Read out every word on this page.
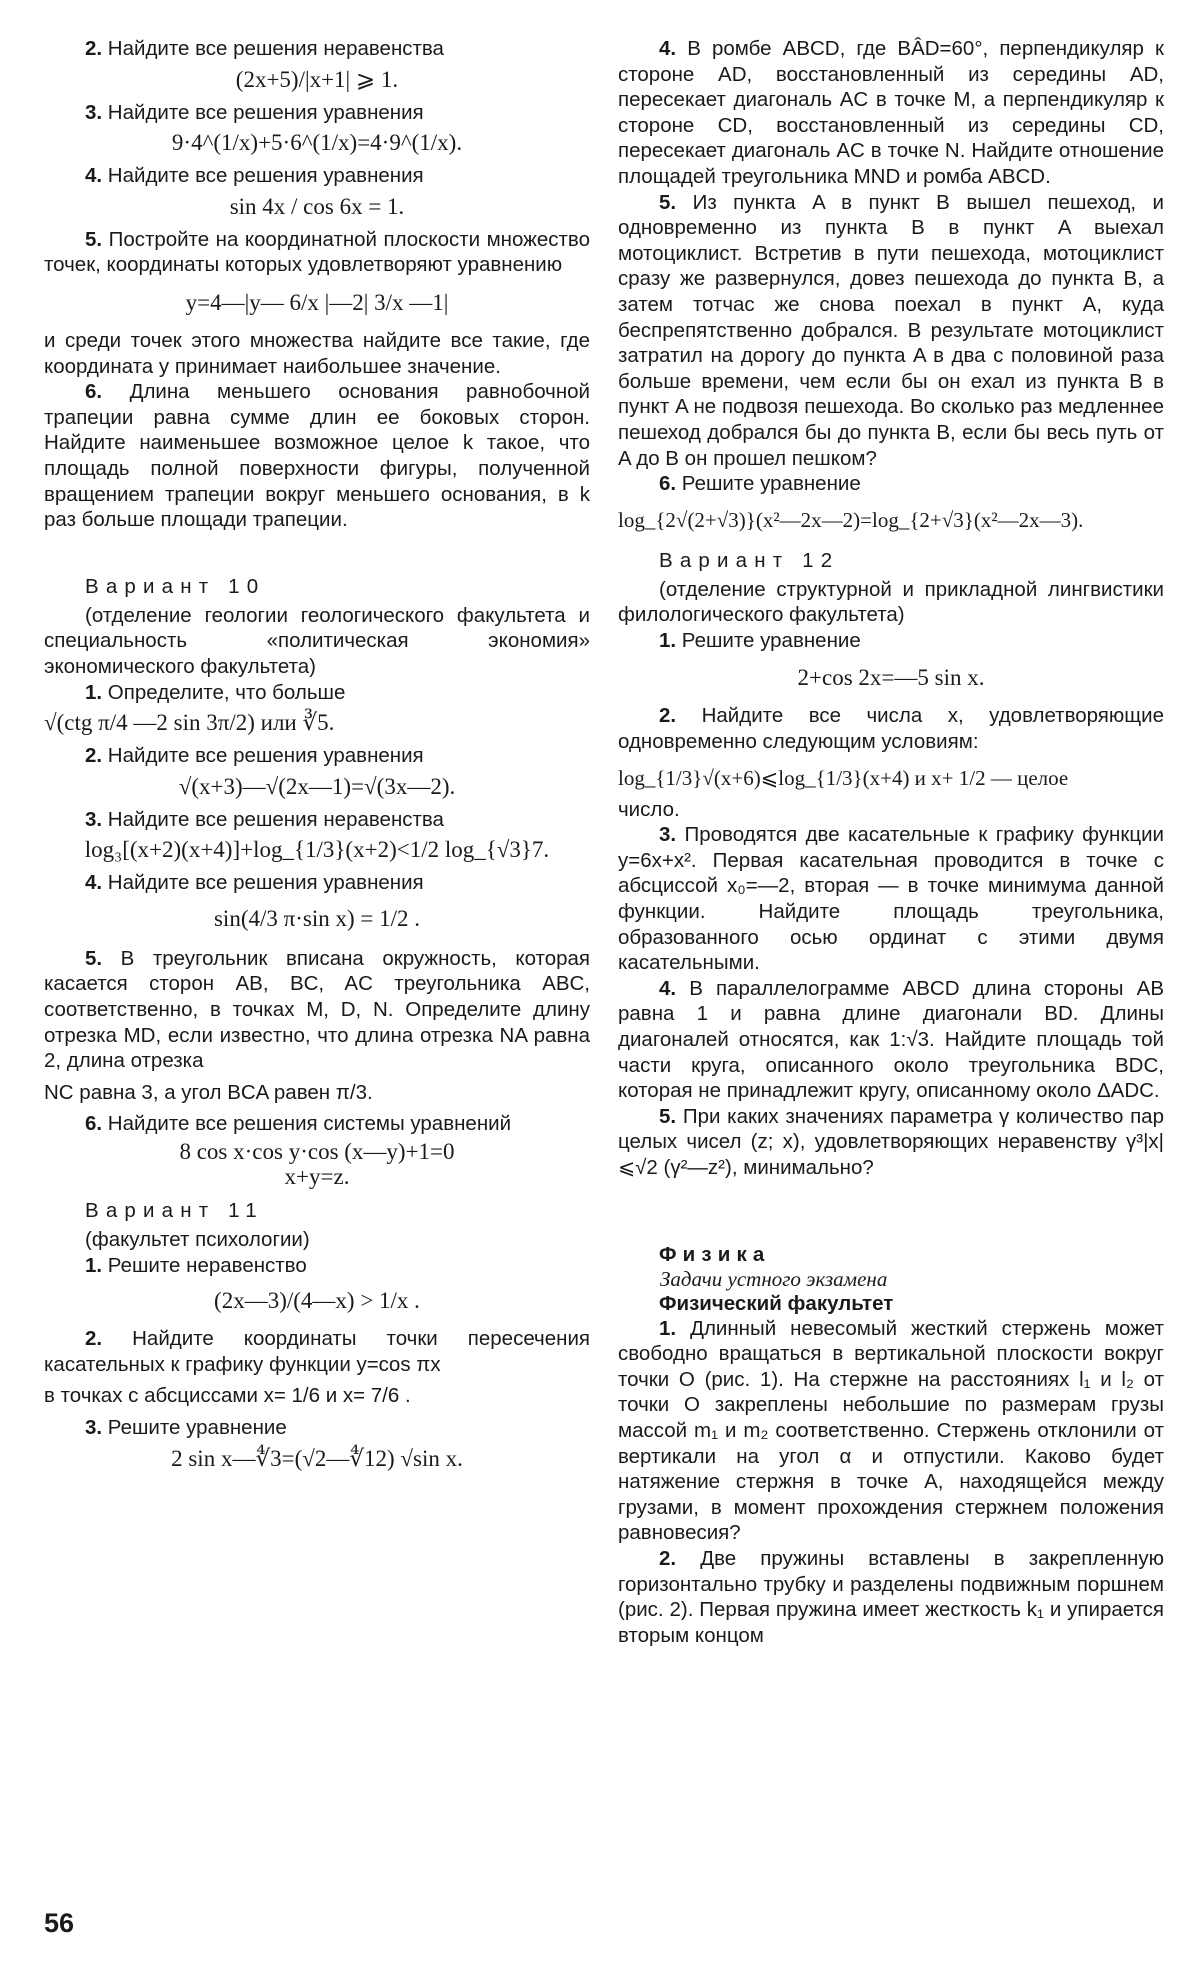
2. Найдите все решения неравенства

(2x+5)/|x+1| ⩾ 1.

3. Найдите все решения уравнения

9·4^(1/x)+5·6^(1/x)=4·9^(1/x).

4. Найдите все решения уравнения

sin 4x / cos 6x = 1.

5. Постройте на координатной плоскости множество точек, координаты которых удовлетворяют уравнению

y=4—|y— 6/x |—2| 3/x —1|

и среди точек этого множества найдите все такие, где координата y принимает наибольшее значение.

6. Длина меньшего основания равнобочной трапеции равна сумме длин ее боковых сторон. Найдите наименьшее возможное целое k такое, что площадь полной поверхности фигуры, полученной вращением трапеции вокруг меньшего основания, в k раз больше площади трапеции.

Вариант 10

(отделение геологии геологического факультета и специальность «политическая экономия» экономического факультета)

1. Определите, что больше

√(ctg π/4 —2 sin 3π/2) или ∛5.

2. Найдите все решения уравнения

√(x+3)—√(2x—1)=√(3x—2).

3. Найдите все решения неравенства

log₃[(x+2)(x+4)]+log_{1/3}(x+2)<1/2 log_{√3}7.

4. Найдите все решения уравнения

sin(4/3 π·sin x) = 1/2 .

5. В треугольник вписана окружность, которая касается сторон AB, BC, AC треугольника ABC, соответственно, в точках M, D, N. Определите длину отрезка MD, если известно, что длина отрезка NA равна 2, длина отрезка

NC равна 3, а угол BCA равен π/3.

6. Найдите все решения системы уравнений

8 cos x·cos y·cos (x—y)+1=0
x+y=z.

Вариант 11

(факультет психологии)

1. Решите неравенство

(2x—3)/(4—x) > 1/x .

2. Найдите координаты точки пересечения касательных к графику функции y=cos πx

в точках с абсциссами x= 1/6 и x= 7/6 .

3. Решите уравнение

2 sin x—∜3=(√2—∜12) √sin x.

4. В ромбе ABCD, где BÂD=60°, перпендикуляр к стороне AD, восстановленный из середины AD, пересекает диагональ AC в точке M, а перпендикуляр к стороне CD, восстановленный из середины CD, пересекает диагональ AC в точке N. Найдите отношение площадей треугольника MND и ромба ABCD.

5. Из пункта A в пункт B вышел пешеход, и одновременно из пункта B в пункт A выехал мотоциклист. Встретив в пути пешехода, мотоциклист сразу же развернулся, довез пешехода до пункта B, а затем тотчас же снова поехал в пункт A, куда беспрепятственно добрался. В результате мотоциклист затратил на дорогу до пункта A в два с половиной раза больше времени, чем если бы он ехал из пункта B в пункт A не подвозя пешехода. Во сколько раз медленнее пешеход добрался бы до пункта B, если бы весь путь от A до B он прошел пешком?

6. Решите уравнение

log_{2√(2+√3)}(x²—2x—2)=log_{2+√3}(x²—2x—3).

Вариант 12

(отделение структурной и прикладной лингвистики филологического факультета)

1. Решите уравнение

2+cos 2x=—5 sin x.

2. Найдите все числа x, удовлетворяющие одновременно следующим условиям:

log_{1/3}√(x+6)⩽log_{1/3}(x+4) и x+ 1/2 — целое

число.

3. Проводятся две касательные к графику функции y=6x+x². Первая касательная проводится в точке с абсциссой x₀=—2, вторая — в точке минимума данной функции. Найдите площадь треугольника, образованного осью ординат с этими двумя касательными.

4. В параллелограмме ABCD длина стороны AB равна 1 и равна длине диагонали BD. Длины диагоналей относятся, как 1:√3. Найдите площадь той части круга, описанного около треугольника BDC, которая не принадлежит кругу, описанному около ΔADC.

5. При каких значениях параметра γ количество пар целых чисел (z; x), удовлетворяющих неравенству γ³|x|⩽√2 (γ²—z²), минимально?

Физика

Задачи устного экзамена

Физический факультет

1. Длинный невесомый жесткий стержень может свободно вращаться в вертикальной плоскости вокруг точки O (рис. 1). На стержне на расстояниях l₁ и l₂ от точки O закреплены небольшие по размерам грузы массой m₁ и m₂ соответственно. Стержень отклонили от вертикали на угол α и отпустили. Каково будет натяжение стержня в точке A, находящейся между грузами, в момент прохождения стержнем положения равновесия?

2. Две пружины вставлены в закрепленную горизонтально трубку и разделены подвижным поршнем (рис. 2). Первая пружина имеет жесткость k₁ и упирается вторым концом

56
